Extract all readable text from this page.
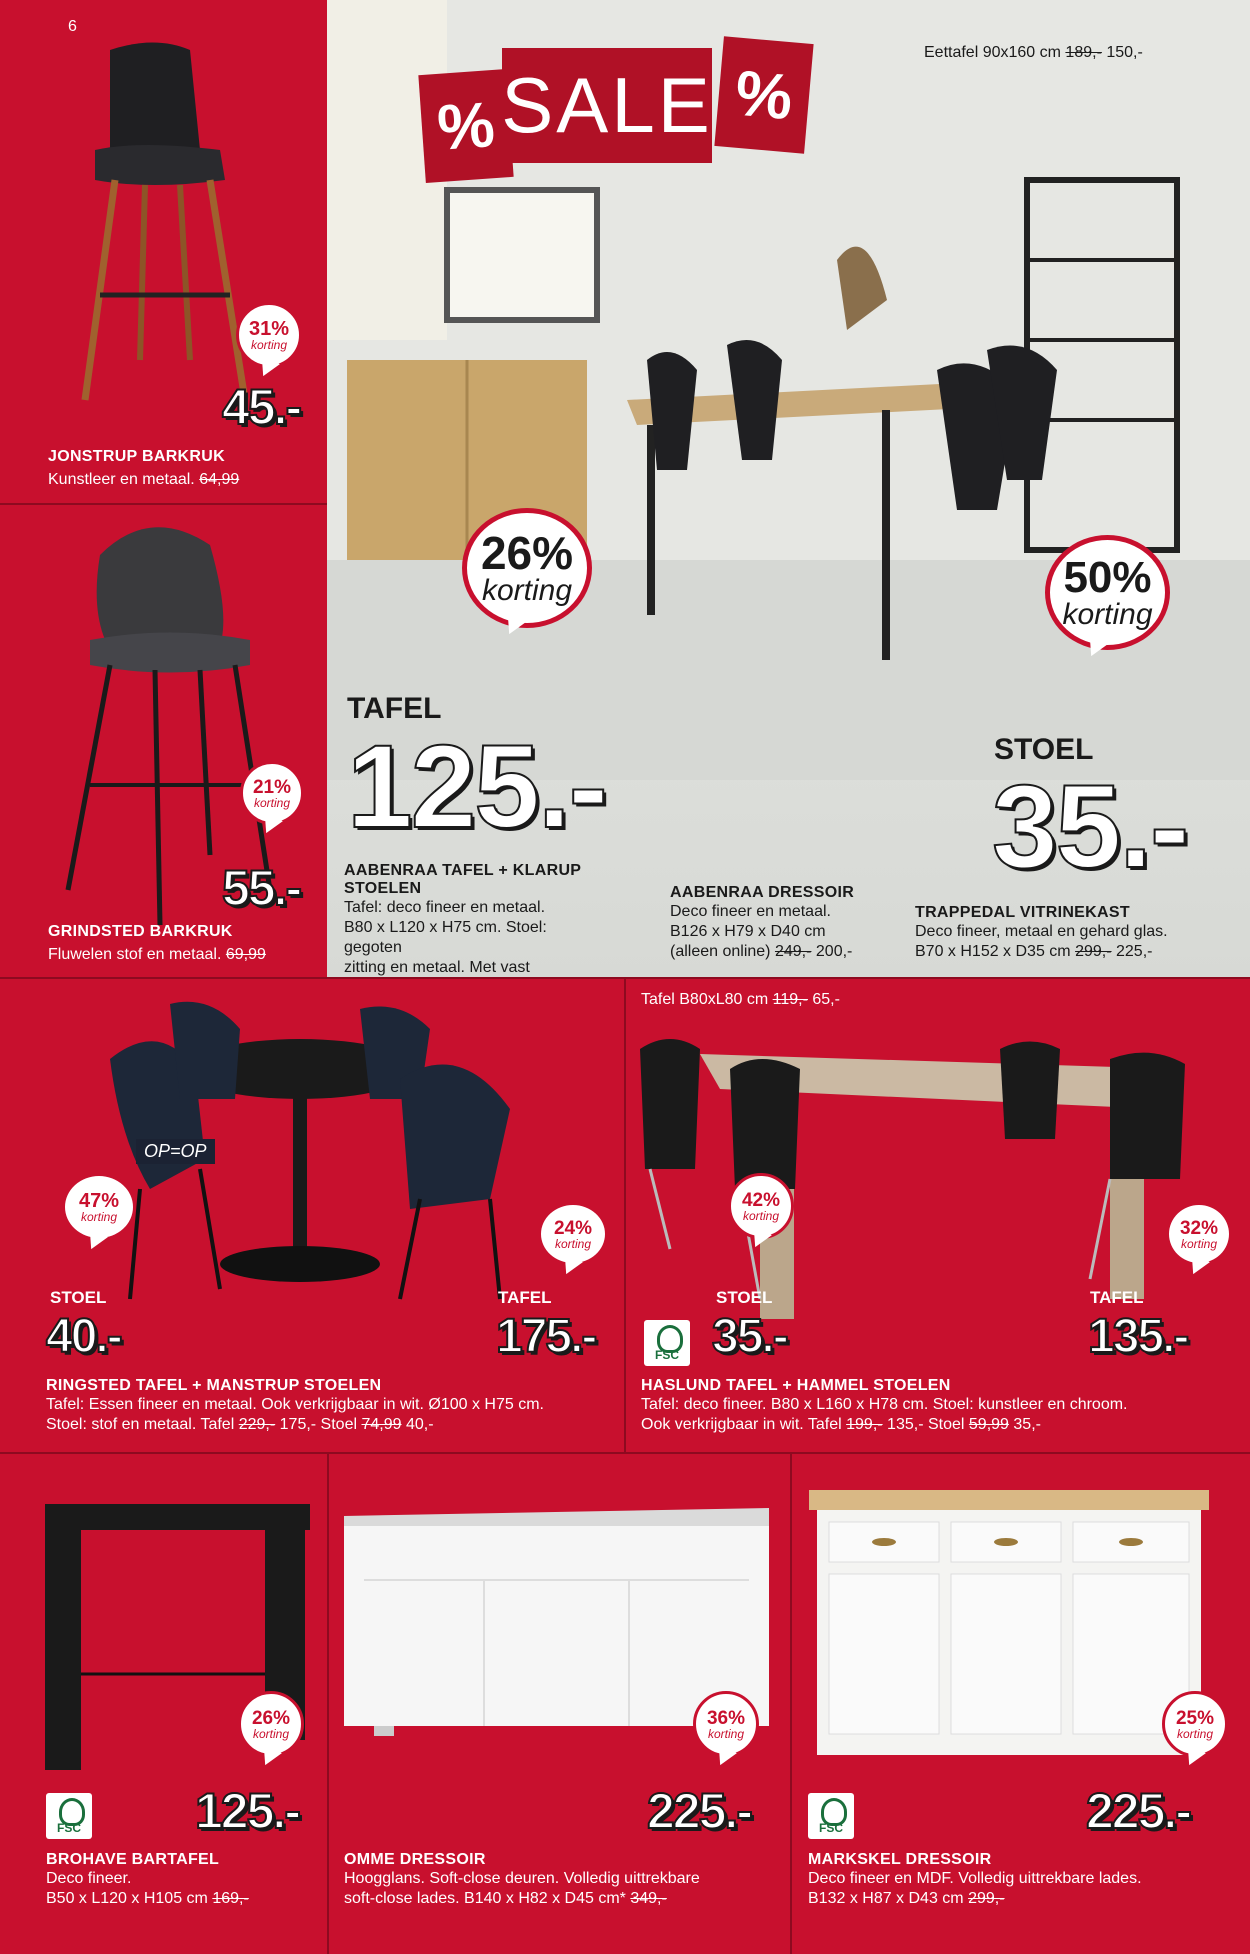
6
31%
korting
45.-
JONSTRUP BARKRUK
Kunstleer en metaal. 64,99
21%
korting
55.-
GRINDSTED BARKRUK
Fluwelen stof en metaal. 69,99
% SALE %
Eettafel 90x160 cm 189,- 150,-
26%
korting	50%
korting
TAFEL
125.-	STOEL
35.-
AABENRAA TAFEL + KLARUP STOELEN
Tafel: deco fineer en metaal.
B80 x L120 x H75 cm. Stoel: gegoten
zitting en metaal. Met vast
AABENRAA DRESSOIR
Deco fineer en metaal.
B126 x H79 x D40 cm
(alleen online) 249,- 200,-
TRAPPEDAL VITRINEKAST
Deco fineer, metaal en gehard glas.
B70 x H152 x D35 cm 299,- 225,-
OP=OP
47%
korting
24%
korting
STOEL
40.-
TAFEL
175.-
RINGSTED TAFEL + MANSTRUP STOELEN
Tafel: Essen fineer en metaal. Ook verkrijgbaar in wit. Ø100 x H75 cm.
Stoel: stof en metaal. Tafel 229,- 175,- Stoel 74,99 40,-
Tafel B80xL80 cm 119,- 65,-
42%
korting
32%
korting
FSC
STOEL
35.-
TAFEL
135.-
HASLUND TAFEL + HAMMEL STOELEN
Tafel: deco fineer. B80 x L160 x H78 cm. Stoel: kunstleer en chroom.
Ook verkrijgbaar in wit. Tafel 199,- 135,- Stoel 59,99 35,-
26%
korting
FSC 125.-
BROHAVE BARTAFEL
Deco fineer.
B50 x L120 x H105 cm 169,-
36%
korting
225.-
OMME DRESSOIR
Hoogglans. Soft-close deuren. Volledig uittrekbare
soft-close lades. B140 x H82 x D45 cm* 349,-
25%
korting
FSC	225.-
MARKSKEL DRESSOIR
Deco fineer en MDF. Volledig uittrekbare lades.
B132 x H87 x D43 cm 299,-
